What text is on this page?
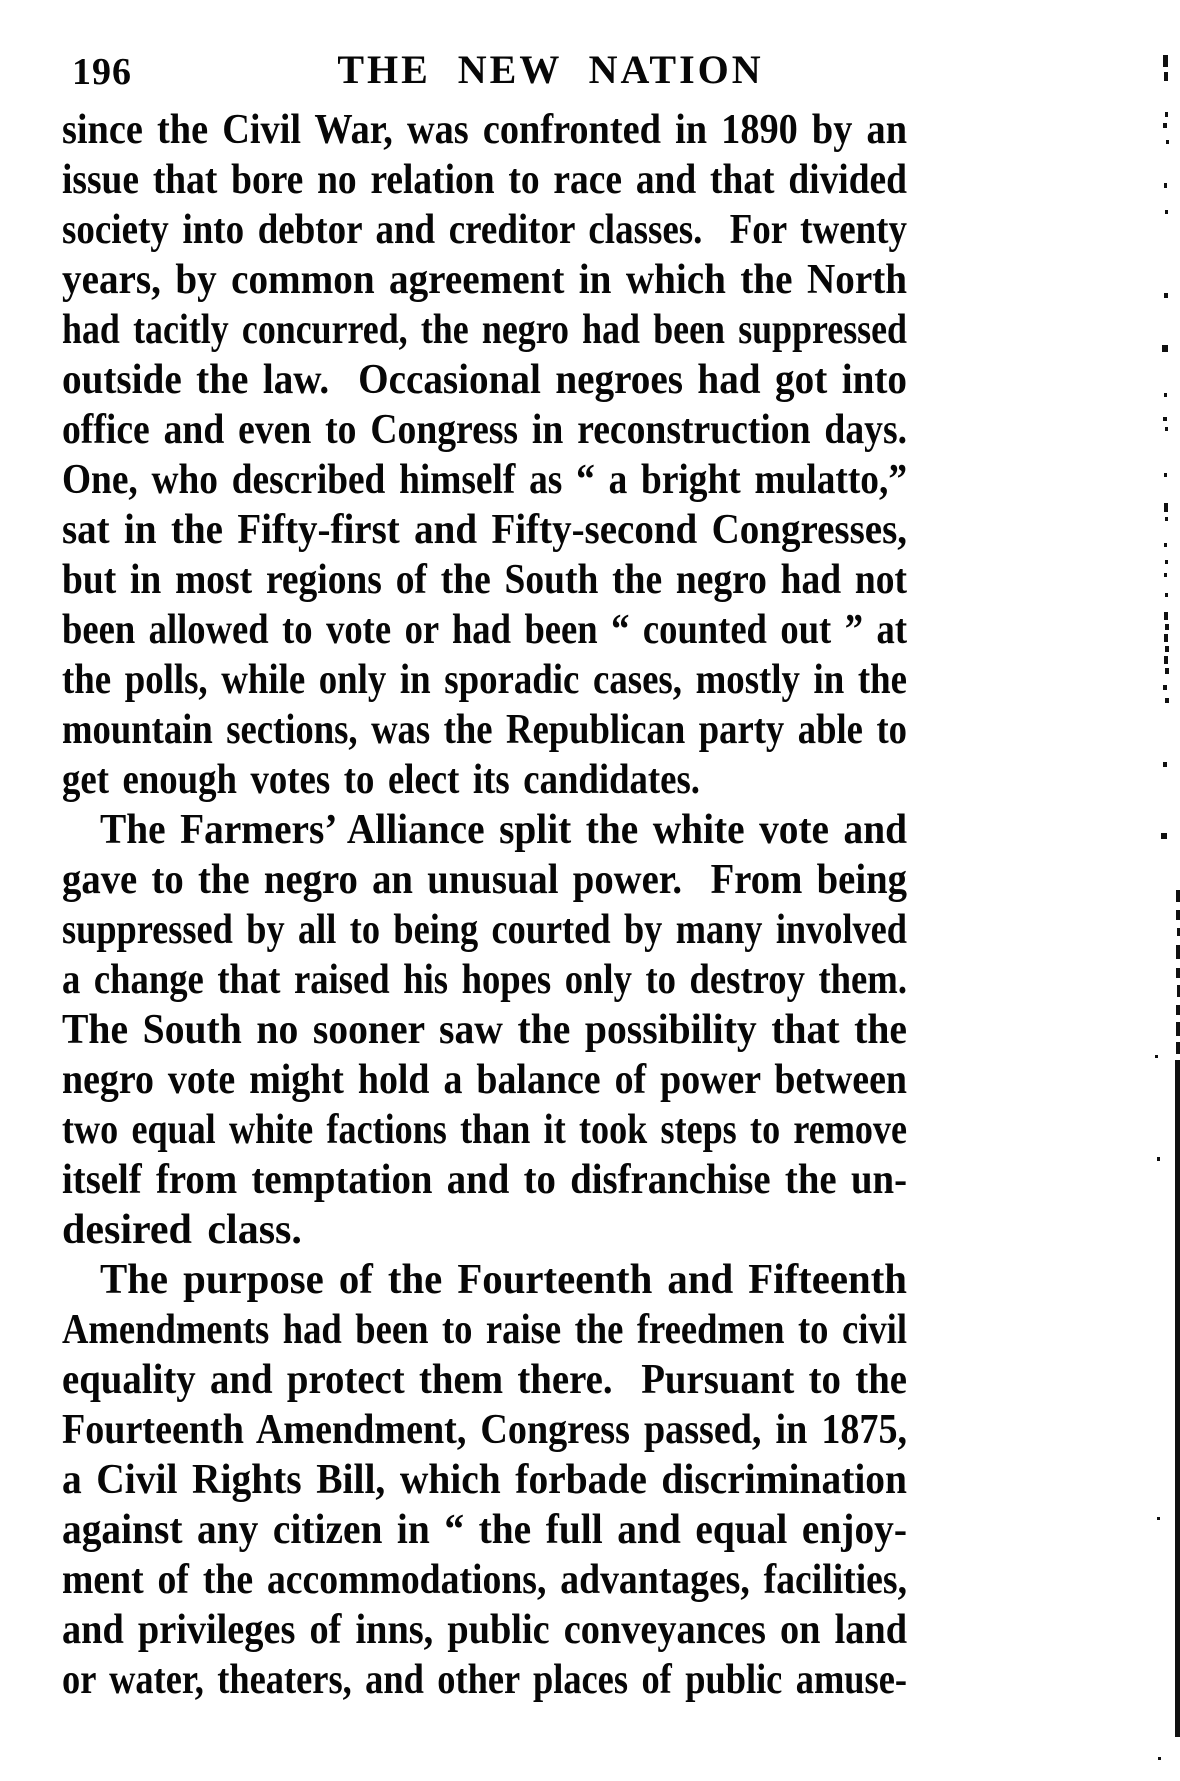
196	THE NEW NATION
since the Civil War, was confronted in 1890 by an
issue that bore no relation to race and that divided
society into debtor and creditor classes.  For twenty
years, by common agreement in which the North
had tacitly concurred, the negro had been suppressed
outside the law.  Occasional negroes had got into
office and even to Congress in reconstruction days.
One, who described himself as “ a bright mulatto,”
sat in the Fifty-first and Fifty-second Congresses,
but in most regions of the South the negro had not
been allowed to vote or had been “ counted out ” at
the polls, while only in sporadic cases, mostly in the
mountain sections, was the Republican party able to
get enough votes to elect its candidates.
The Farmers’ Alliance split the white vote and
gave to the negro an unusual power.  From being
suppressed by all to being courted by many involved
a change that raised his hopes only to destroy them.
The South no sooner saw the possibility that the
negro vote might hold a balance of power between
two equal white factions than it took steps to remove
itself from temptation and to disfranchise the un-
desired class.
The purpose of the Fourteenth and Fifteenth
Amendments had been to raise the freedmen to civil
equality and protect them there.  Pursuant to the
Fourteenth Amendment, Congress passed, in 1875,
a Civil Rights Bill, which forbade discrimination
against any citizen in “ the full and equal enjoy-
ment of the accommodations, advantages, facilities,
and privileges of inns, public conveyances on land
or water, theaters, and other places of public amuse-
